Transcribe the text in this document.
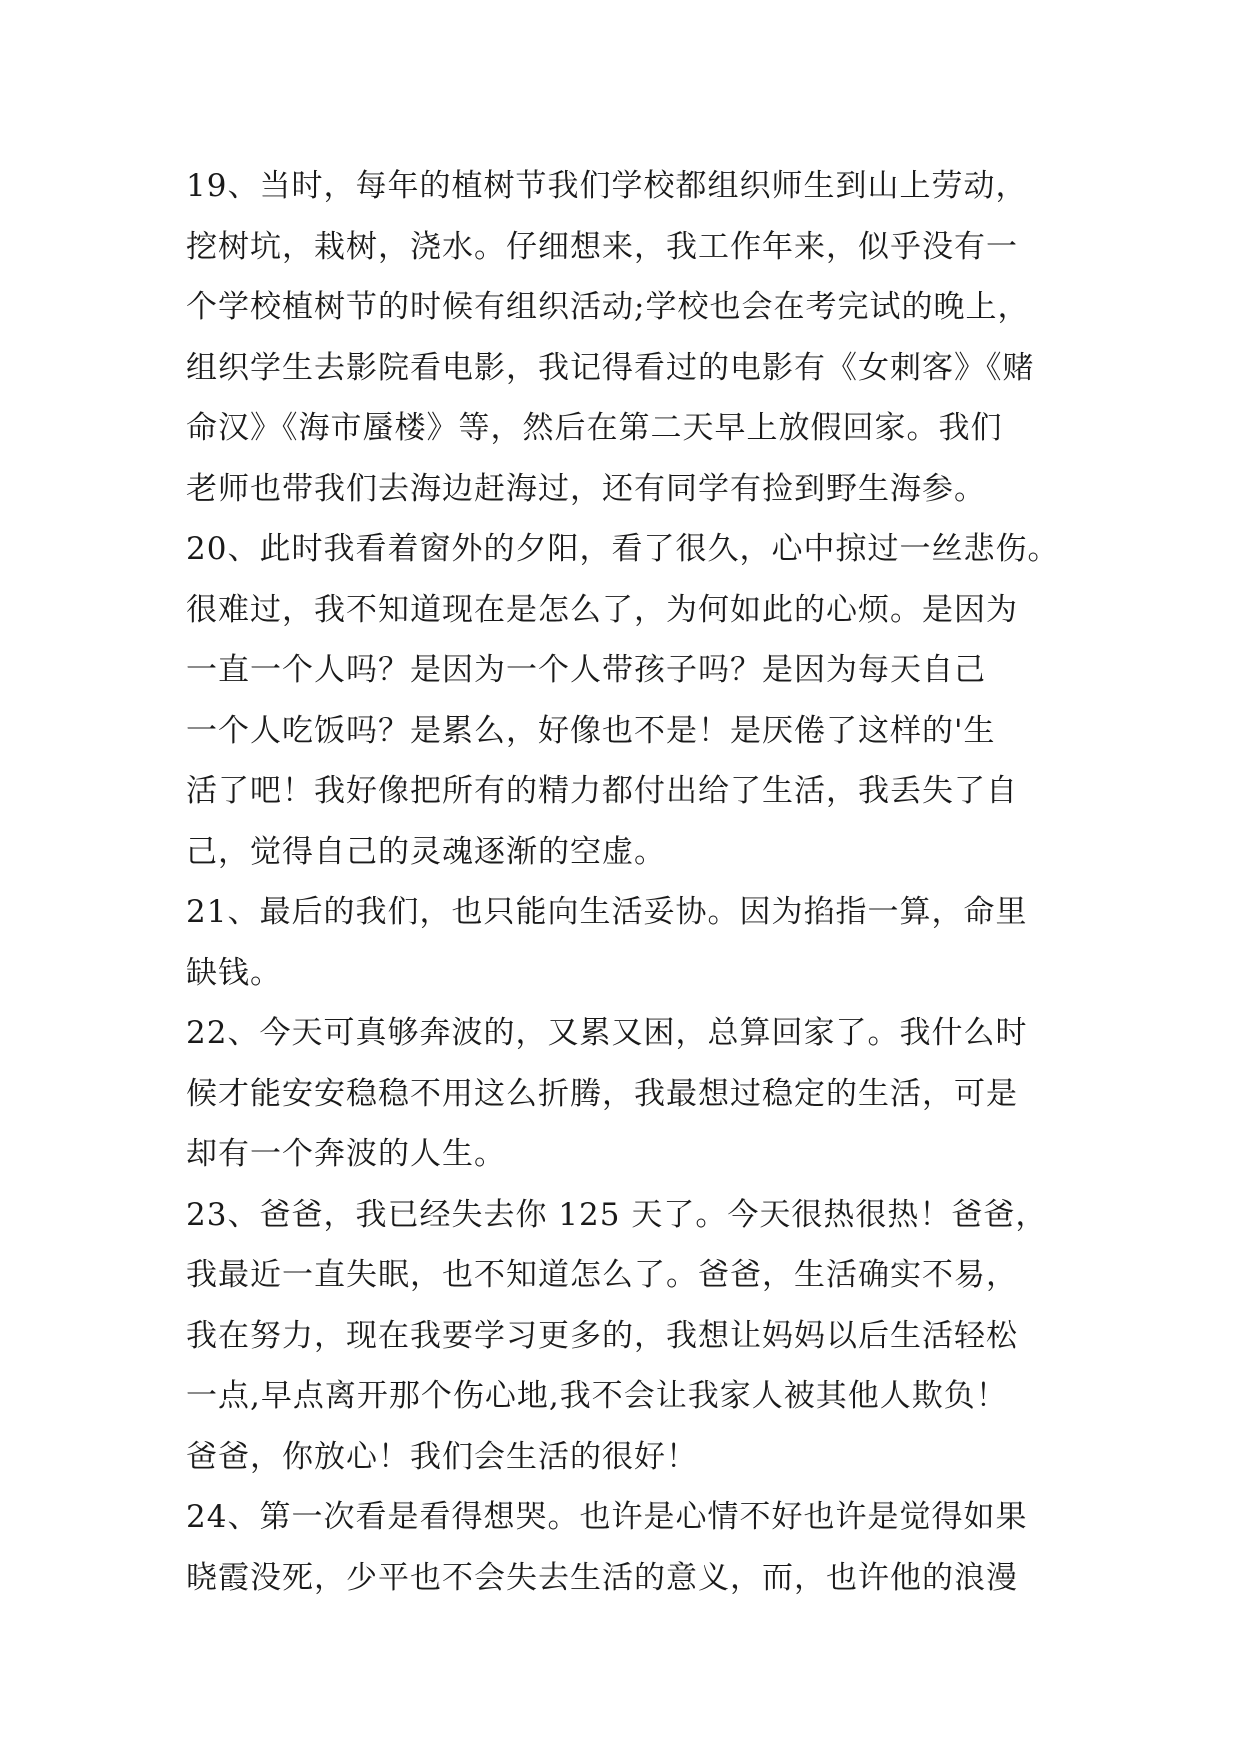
19、当时，每年的植树节我们学校都组织师生到山上劳动，
挖树坑，栽树，浇水。仔细想来，我工作年来，似乎没有一
个学校植树节的时候有组织活动;学校也会在考完试的晚上，
组织学生去影院看电影，我记得看过的电影有《女刺客》《赌
命汉》《海市蜃楼》等，然后在第二天早上放假回家。我们
老师也带我们去海边赶海过，还有同学有捡到野生海参。
20、此时我看着窗外的夕阳，看了很久，心中掠过一丝悲伤。
很难过，我不知道现在是怎么了，为何如此的心烦。是因为
一直一个人吗？是因为一个人带孩子吗？是因为每天自己
一个人吃饭吗？是累么，好像也不是！是厌倦了这样的'生
活了吧！我好像把所有的精力都付出给了生活，我丢失了自
己，觉得自己的灵魂逐渐的空虚。
21、最后的我们，也只能向生活妥协。因为掐指一算，命里
缺钱。
22、今天可真够奔波的，又累又困，总算回家了。我什么时
候才能安安稳稳不用这么折腾，我最想过稳定的生活，可是
却有一个奔波的人生。
23、爸爸，我已经失去你 125 天了。今天很热很热！爸爸，
我最近一直失眠，也不知道怎么了。爸爸，生活确实不易，
我在努力，现在我要学习更多的，我想让妈妈以后生活轻松
一点,早点离开那个伤心地,我不会让我家人被其他人欺负！
爸爸，你放心！我们会生活的很好！
24、第一次看是看得想哭。也许是心情不好也许是觉得如果
晓霞没死，少平也不会失去生活的意义，而，也许他的浪漫
